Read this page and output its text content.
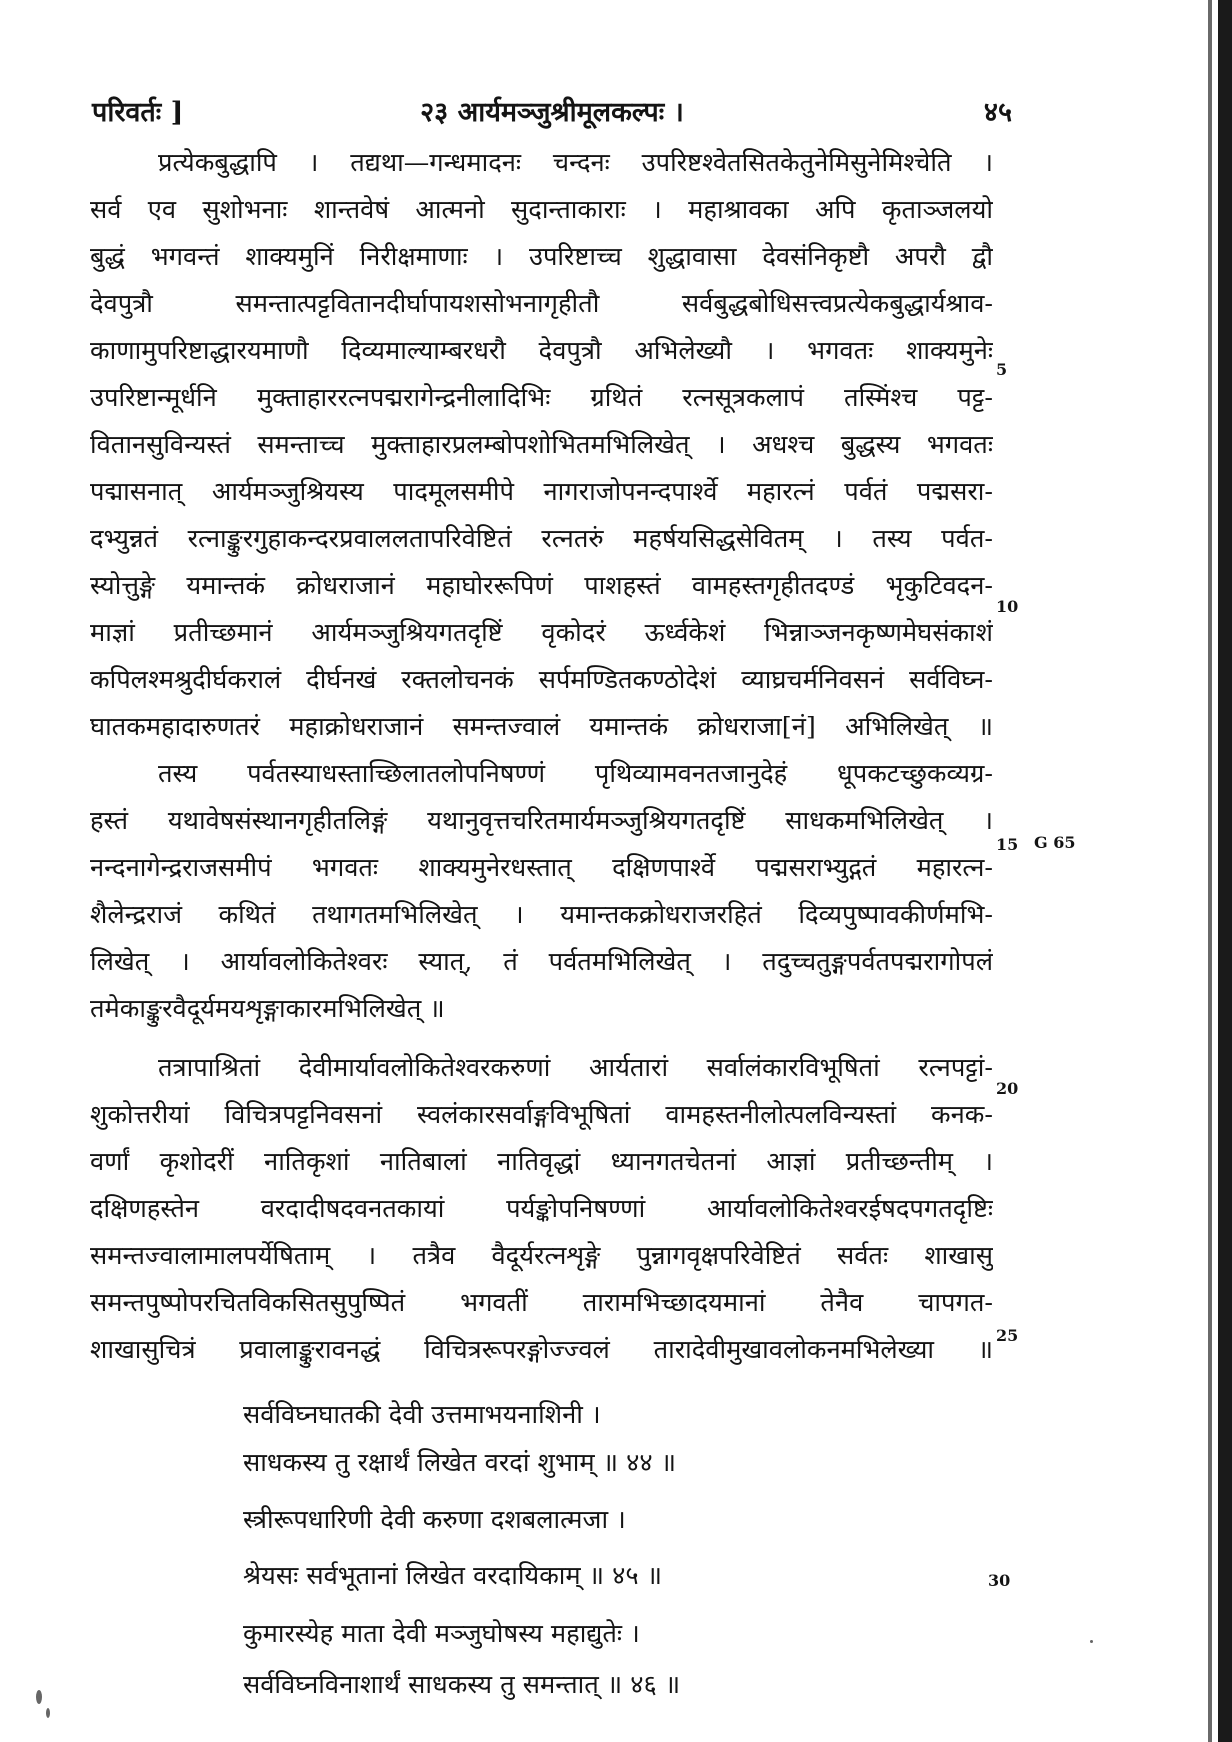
परिवर्तः ]	२३ आर्यमञ्जुश्रीमूलकल्पः ।	४५
प्रत्येकबुद्धापि । तद्यथा—गन्धमादनः चन्दनः उपरिष्टश्वेतसितकेतुनेमिसुनेमिश्चेति ।
सर्व एव सुशोभनाः शान्तवेषं आत्मनो सुदान्ताकाराः । महाश्रावका अपि कृताञ्जलयो
बुद्धं भगवन्तं शाक्यमुनिं निरीक्षमाणाः । उपरिष्टाच्च शुद्धावासा देवसंनिकृष्टौ अपरौ द्वौ
देवपुत्रौ समन्तात्पट्टवितानदीर्घापायशसोभनागृहीतौ सर्वबुद्धबोधिसत्त्वप्रत्येकबुद्धार्यश्राव-
काणामुपरिष्टाद्धारयमाणौ दिव्यमाल्याम्बरधरौ देवपुत्रौ अभिलेख्यौ । भगवतः शाक्यमुनेः
उपरिष्टान्मूर्धनि मुक्ताहाररत्नपद्मरागेन्द्रनीलादिभिः ग्रथितं रत्नसूत्रकलापं तस्मिंश्च पट्ट-
वितानसुविन्यस्तं समन्ताच्च मुक्ताहारप्रलम्बोपशोभितमभिलिखेत् । अधश्च बुद्धस्य भगवतः
पद्मासनात् आर्यमञ्जुश्रियस्य पादमूलसमीपे नागराजोपनन्दपार्श्वे महारत्नं पर्वतं पद्मसरा-
दभ्युन्नतं रत्नाङ्कुरगुहाकन्दरप्रवाललतापरिवेष्टितं रत्नतरुं महर्षयसिद्धसेवितम् । तस्य पर्वत-
स्योत्तुङ्गे यमान्तकं क्रोधराजानं महाघोररूपिणं पाशहस्तं वामहस्तगृहीतदण्डं भृकुटिवदन-
माज्ञां प्रतीच्छमानं आर्यमञ्जुश्रियगतदृष्टिं वृकोदरं ऊर्ध्वकेशं भिन्नाञ्जनकृष्णमेघसंकाशं
कपिलश्मश्रुदीर्घकरालं दीर्घनखं रक्तलोचनकं सर्पमण्डितकण्ठोदेशं व्याघ्रचर्मनिवसनं सर्वविघ्न-
घातकमहादारुणतरं महाक्रोधराजानं समन्तज्वालं यमान्तकं क्रोधराजा[नं] अभिलिखेत् ॥
तस्य पर्वतस्याधस्ताच्छिलातलोपनिषण्णं पृथिव्यामवनतजानुदेहं धूपकटच्छुकव्यग्र-
हस्तं यथावेषसंस्थानगृहीतलिङ्गं यथानुवृत्तचरितमार्यमञ्जुश्रियगतदृष्टिं साधकमभिलिखेत् ।
नन्दनागेन्द्रराजसमीपं भगवतः शाक्यमुनेरधस्तात् दक्षिणपार्श्वे पद्मसराभ्युद्गतं महारत्न-
शैलेन्द्रराजं कथितं तथागतमभिलिखेत् । यमान्तकक्रोधराजरहितं दिव्यपुष्पावकीर्णमभि-
लिखेत् । आर्यावलोकितेश्वरः स्यात्, तं पर्वतमभिलिखेत् । तदुच्चतुङ्गपर्वतपद्मरागोपलं
तमेकाङ्कुरवैदूर्यमयशृङ्गाकारमभिलिखेत् ॥
तत्रापाश्रितां देवीमार्यावलोकितेश्वरकरुणां आर्यतारां सर्वालंकारविभूषितां रत्नपट्टां-
शुकोत्तरीयां विचित्रपट्टनिवसनां स्वलंकारसर्वाङ्गविभूषितां वामहस्तनीलोत्पलविन्यस्तां कनक-
वर्णां कृशोदरीं नातिकृशां नातिबालां नातिवृद्धां ध्यानगतचेतनां आज्ञां प्रतीच्छन्तीम् ।
दक्षिणहस्तेन वरदादीषदवनतकायां पर्यङ्कोपनिषण्णां आर्यावलोकितेश्वरईषदपगतदृष्टिः
समन्तज्वालामालपर्येषिताम् । तत्रैव वैदूर्यरत्नशृङ्गे पुन्नागवृक्षपरिवेष्टितं सर्वतः शाखासु
समन्तपुष्पोपरचितविकसितसुपुष्पितं भगवतीं तारामभिच्छादयमानां तेनैव चापगत-
शाखासुचित्रं प्रवालाङ्कुरावनद्धं विचित्ररूपरङ्गोज्ज्वलं तारादेवीमुखावलोकनमभिलेख्या ॥
सर्वविघ्नघातकी देवी उत्तमाभयनाशिनी ।
साधकस्य तु रक्षार्थं लिखेत वरदां शुभाम् ॥ ४४ ॥
स्त्रीरूपधारिणी देवी करुणा दशबलात्मजा ।
श्रेयसः सर्वभूतानां लिखेत वरदायिकाम् ॥ ४५ ॥
कुमारस्येह माता देवी मञ्जुघोषस्य महाद्युतेः ।
सर्वविघ्नविनाशार्थं साधकस्य तु समन्तात् ॥ ४६ ॥
5
10
15
20
25
30
G 65
